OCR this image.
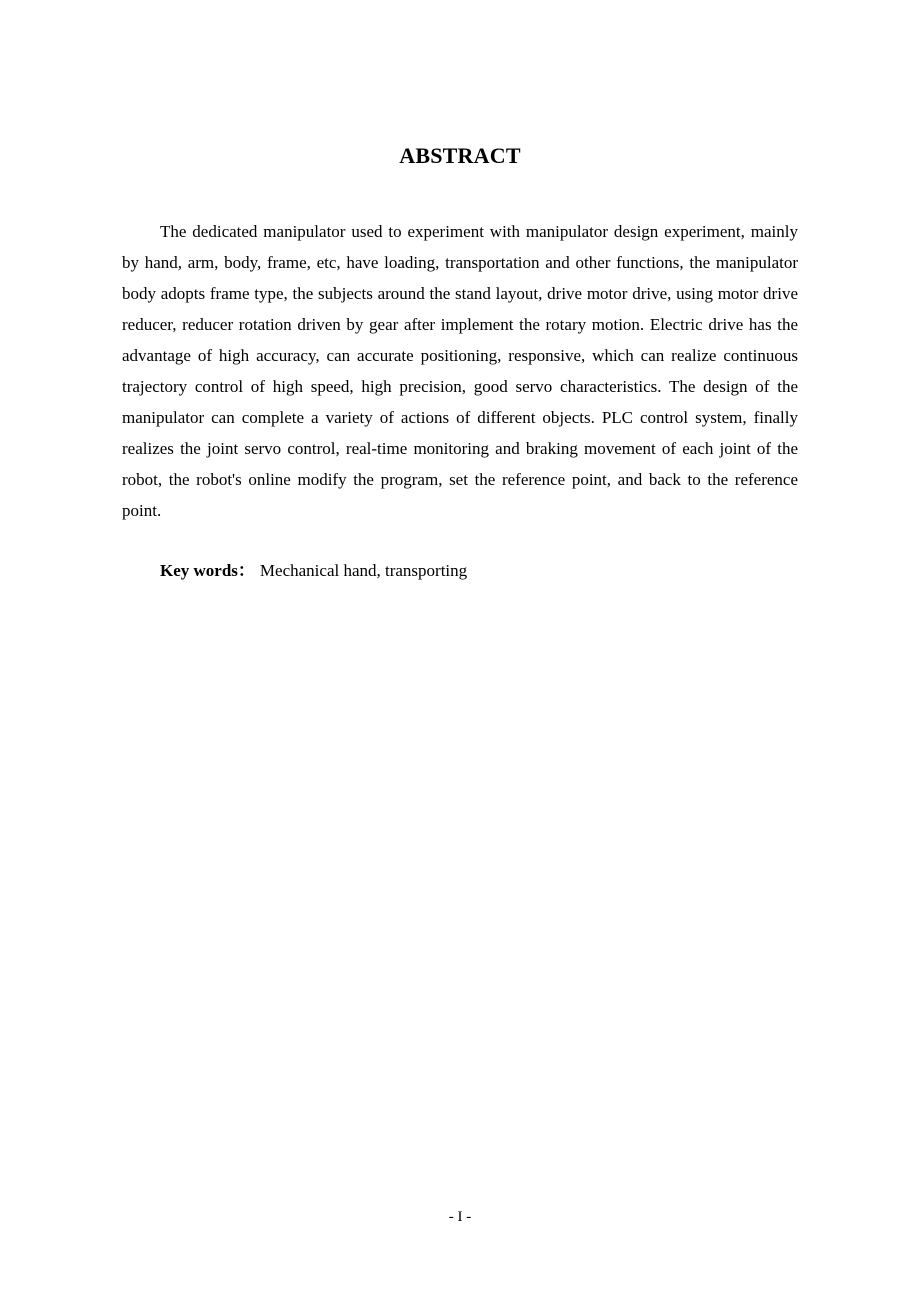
ABSTRACT

The dedicated manipulator used to experiment with manipulator design experiment, mainly by hand, arm, body, frame, etc, have loading, transportation and other functions, the manipulator body adopts frame type, the subjects around the stand layout, drive motor drive, using motor drive reducer, reducer rotation driven by gear after implement the rotary motion. Electric drive has the advantage of high accuracy, can accurate positioning, responsive, which can realize continuous trajectory control of high speed, high precision, good servo characteristics. The design of the manipulator can complete a variety of actions of different objects. PLC control system, finally realizes the joint servo control, real-time monitoring and braking movement of each joint of the robot, the robot's online modify the program, set the reference point, and back to the reference point.

Key words： Mechanical hand, transporting
- I -
